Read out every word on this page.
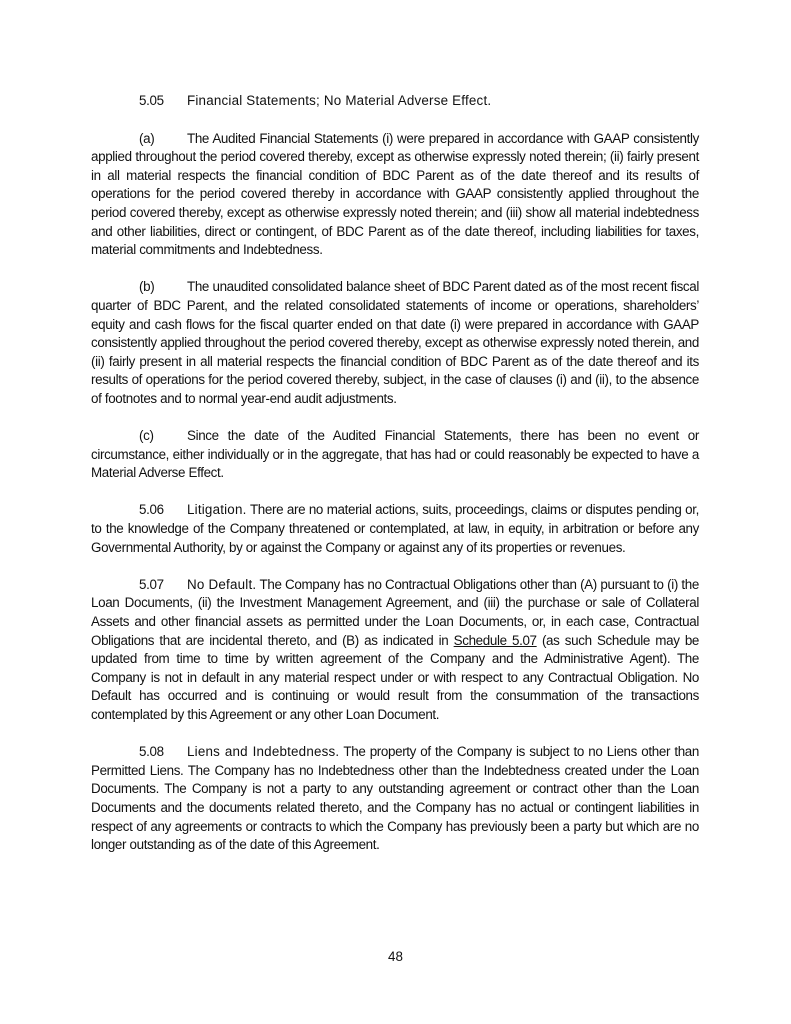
5.05 Financial Statements; No Material Adverse Effect.

(a) The Audited Financial Statements (i) were prepared in accordance with GAAP consistently applied throughout the period covered thereby, except as otherwise expressly noted therein; (ii) fairly present in all material respects the financial condition of BDC Parent as of the date thereof and its results of operations for the period covered thereby in accordance with GAAP consistently applied throughout the period covered thereby, except as otherwise expressly noted therein; and (iii) show all material indebtedness and other liabilities, direct or contingent, of BDC Parent as of the date thereof, including liabilities for taxes, material commitments and Indebtedness.

(b) The unaudited consolidated balance sheet of BDC Parent dated as of the most recent fiscal quarter of BDC Parent, and the related consolidated statements of income or operations, shareholders’ equity and cash flows for the fiscal quarter ended on that date (i) were prepared in accordance with GAAP consistently applied throughout the period covered thereby, except as otherwise expressly noted therein, and (ii) fairly present in all material respects the financial condition of BDC Parent as of the date thereof and its results of operations for the period covered thereby, subject, in the case of clauses (i) and (ii), to the absence of footnotes and to normal year-end audit adjustments.

(c) Since the date of the Audited Financial Statements, there has been no event or circumstance, either individually or in the aggregate, that has had or could reasonably be expected to have a Material Adverse Effect.

5.06 Litigation. There are no material actions, suits, proceedings, claims or disputes pending or, to the knowledge of the Company threatened or contemplated, at law, in equity, in arbitration or before any Governmental Authority, by or against the Company or against any of its properties or revenues.

5.07 No Default. The Company has no Contractual Obligations other than (A) pursuant to (i) the Loan Documents, (ii) the Investment Management Agreement, and (iii) the purchase or sale of Collateral Assets and other financial assets as permitted under the Loan Documents, or, in each case, Contractual Obligations that are incidental thereto, and (B) as indicated in Schedule 5.07 (as such Schedule may be updated from time to time by written agreement of the Company and the Administrative Agent). The Company is not in default in any material respect under or with respect to any Contractual Obligation. No Default has occurred and is continuing or would result from the consummation of the transactions contemplated by this Agreement or any other Loan Document.

5.08 Liens and Indebtedness. The property of the Company is subject to no Liens other than Permitted Liens. The Company has no Indebtedness other than the Indebtedness created under the Loan Documents. The Company is not a party to any outstanding agreement or contract other than the Loan Documents and the documents related thereto, and the Company has no actual or contingent liabilities in respect of any agreements or contracts to which the Company has previously been a party but which are no longer outstanding as of the date of this Agreement.

48
